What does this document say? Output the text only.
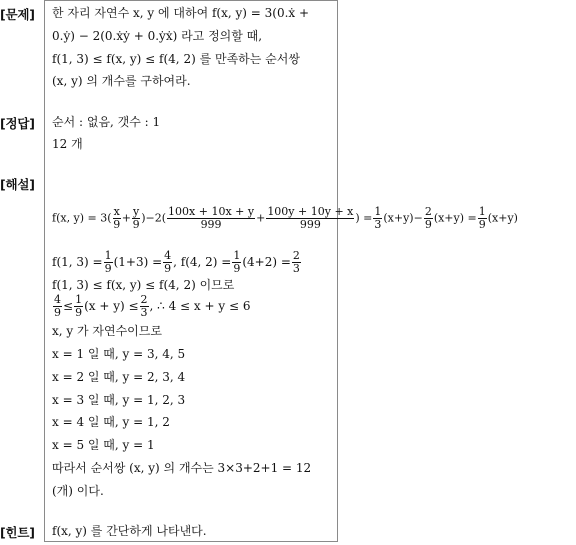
[문제]
[정답]
[해설]
[힌트]
한 자리 자연수 x, y 에 대하여 f(x, y) = 3(0.ẋ +
0.ẏ) − 2(0.ẋẏ + 0.ẏẋ) 라고 정의할 때,
f(1, 3) ≤ f(x, y) ≤ f(4, 2) 를 만족하는 순서쌍
(x, y) 의 개수를 구하여라.
순서 : 없음, 갯수 : 1
12 개
f(x, $y) = 3( \frac{x}{9} + \frac{y}{9} )-2( \frac{100x + 10x + y}{999} + \frac{100y + 10y + x}{999}$ ) = $\frac{1}{3} (x+y)- \frac{2}{9} (x+y) = \frac{1}{9} (x+y)$
f(1, $3) = \frac{1}{9} (1+3) = \frac{4}{9}$ , f(4, $2) = \frac{1}{9} (4+2) = \frac{2}{3}$
f(1, 3) ≤ f(x, y) ≤ f(4, 2) 이므로
$\frac{4}{9} \le \frac{1}{9} (x + y) \le \frac{2}{3}$ , ∴ 4 ≤ x + y ≤ 6
x, y 가 자연수이므로
x = 1 일 때, y = 3, 4, 5
x = 2 일 때, y = 2, 3, 4
x = 3 일 때, y = 1, 2, 3
x = 4 일 때, y = 1, 2
x = 5 일 때, y = 1
따라서 순서쌍 (x, y) 의 개수는 3×3+2+1 = 12
(개) 이다.
f(x, y) 를 간단하게 나타낸다.
